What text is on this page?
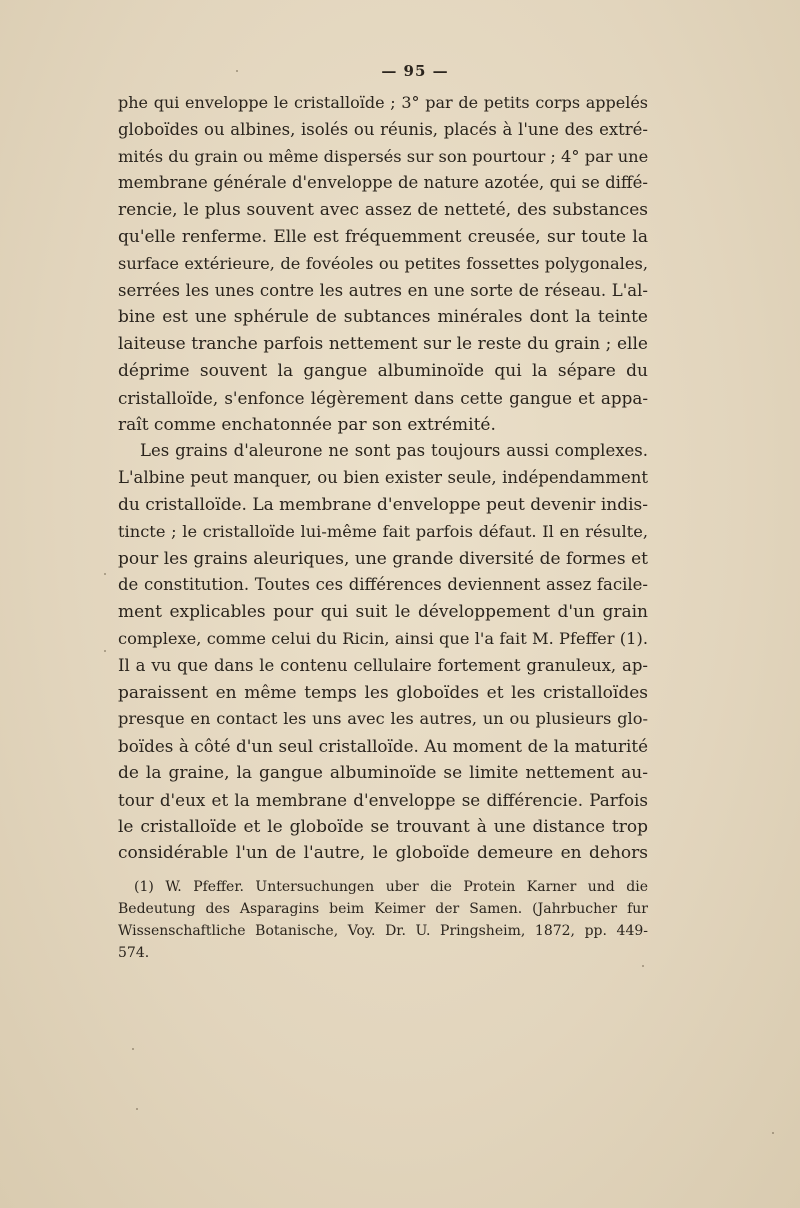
— 95 —
phe qui enveloppe le cristalloïde ; 3° par de petits corps appelés
globoïdes ou albines, isolés ou réunis, placés à l'une des extré-
mités du grain ou même dispersés sur son pourtour ; 4° par une
membrane générale d'enveloppe de nature azotée, qui se diffé-
rencie, le plus souvent avec assez de netteté, des substances
qu'elle renferme. Elle est fréquemment creusée, sur toute la
surface extérieure, de fovéoles ou petites fossettes polygonales,
serrées les unes contre les autres en une sorte de réseau. L'al-
bine est une sphérule de subtances minérales dont la teinte
laiteuse tranche parfois nettement sur le reste du grain ; elle
déprime souvent la gangue albuminoïde qui la sépare du
cristalloïde, s'enfonce légèrement dans cette gangue et appa-
raît comme enchatonnée par son extrémité.
Les grains d'aleurone ne sont pas toujours aussi complexes.
L'albine peut manquer, ou bien exister seule, indépendamment
du cristalloïde. La membrane d'enveloppe peut devenir indis-
tincte ; le cristalloïde lui-même fait parfois défaut. Il en résulte,
pour les grains aleuriques, une grande diversité de formes et
de constitution. Toutes ces différences deviennent assez facile-
ment explicables pour qui suit le développement d'un grain
complexe, comme celui du Ricin, ainsi que l'a fait M. Pfeffer (1).
Il a vu que dans le contenu cellulaire fortement granuleux, ap-
paraissent en même temps les globoïdes et les cristalloïdes
presque en contact les uns avec les autres, un ou plusieurs glo-
boïdes à côté d'un seul cristalloïde. Au moment de la maturité
de la graine, la gangue albuminoïde se limite nettement au-
tour d'eux et la membrane d'enveloppe se différencie. Parfois
le cristalloïde et le globoïde se trouvant à une distance trop
considérable l'un de l'autre, le globoïde demeure en dehors
(1) W. Pfeffer. Untersuchungen uber die Protein Karner und die
Bedeutung des Asparagins beim Keimer der Samen. (Jahrbucher fur
Wissenschaftliche Botanische, Voy. Dr. U. Pringsheim, 1872, pp. 449-
574.
